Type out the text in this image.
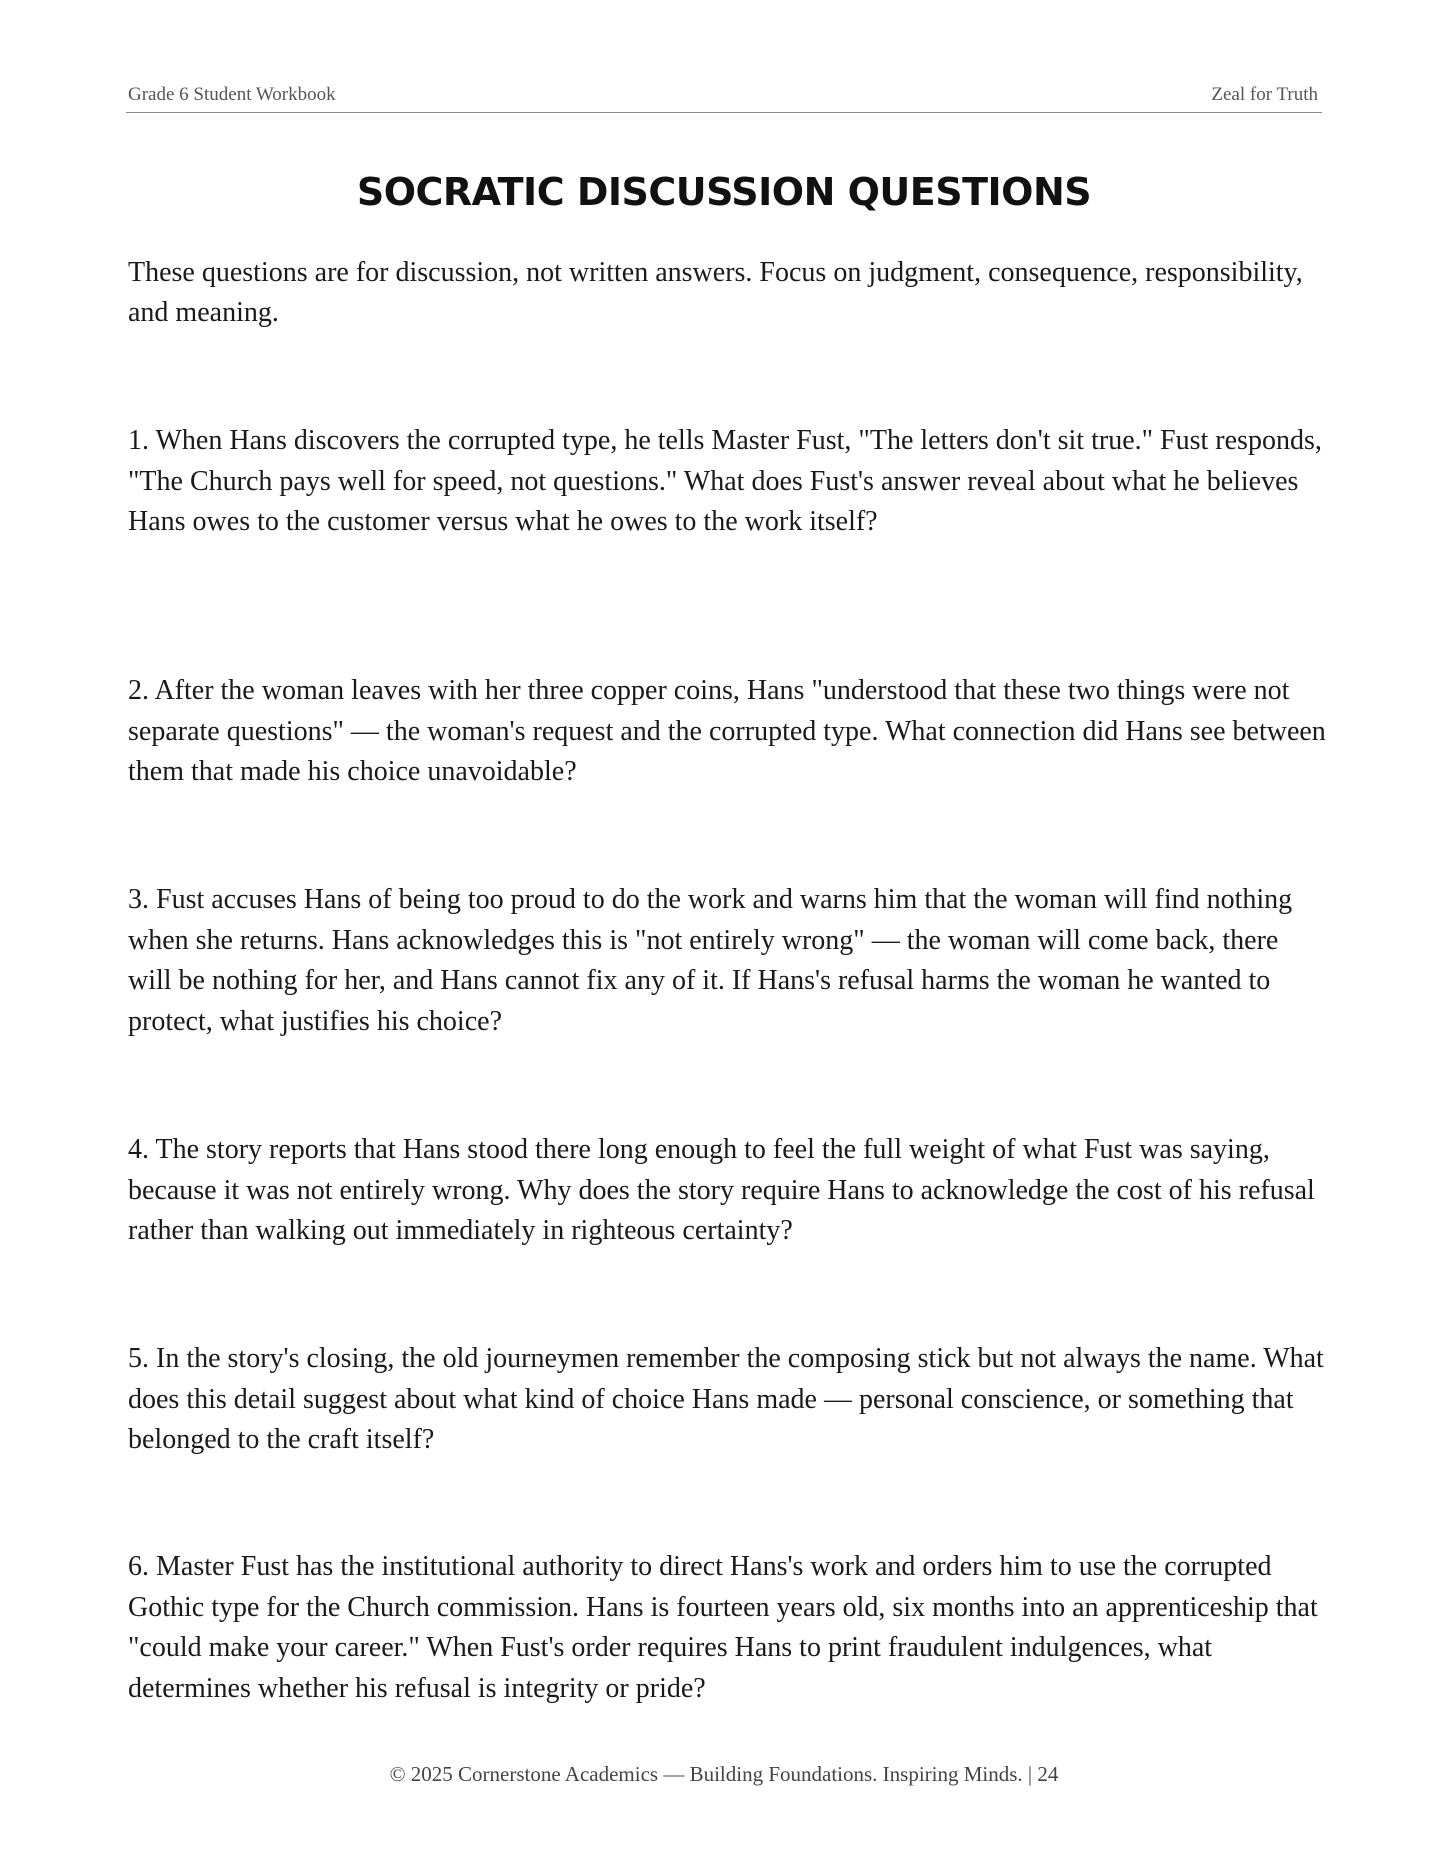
Grade 6 Student Workbook	Zeal for Truth
SOCRATIC DISCUSSION QUESTIONS

These questions are for discussion, not written answers. Focus on judgment, consequence, responsibility, and meaning.

1. When Hans discovers the corrupted type, he tells Master Fust, "The letters don't sit true." Fust responds, "The Church pays well for speed, not questions." What does Fust's answer reveal about what he believes Hans owes to the customer versus what he owes to the work itself?

2. After the woman leaves with her three copper coins, Hans "understood that these two things were not separate questions" — the woman's request and the corrupted type. What connection did Hans see between them that made his choice unavoidable?

3. Fust accuses Hans of being too proud to do the work and warns him that the woman will find nothing when she returns. Hans acknowledges this is "not entirely wrong" — the woman will come back, there will be nothing for her, and Hans cannot fix any of it. If Hans's refusal harms the woman he wanted to protect, what justifies his choice?

4. The story reports that Hans stood there long enough to feel the full weight of what Fust was saying, because it was not entirely wrong. Why does the story require Hans to acknowledge the cost of his refusal rather than walking out immediately in righteous certainty?

5. In the story's closing, the old journeymen remember the composing stick but not always the name. What does this detail suggest about what kind of choice Hans made — personal conscience, or something that belonged to the craft itself?

6. Master Fust has the institutional authority to direct Hans's work and orders him to use the corrupted Gothic type for the Church commission. Hans is fourteen years old, six months into an apprenticeship that "could make your career." When Fust's order requires Hans to print fraudulent indulgences, what determines whether his refusal is integrity or pride?

© 2025 Cornerstone Academics — Building Foundations. Inspiring Minds. | 24
